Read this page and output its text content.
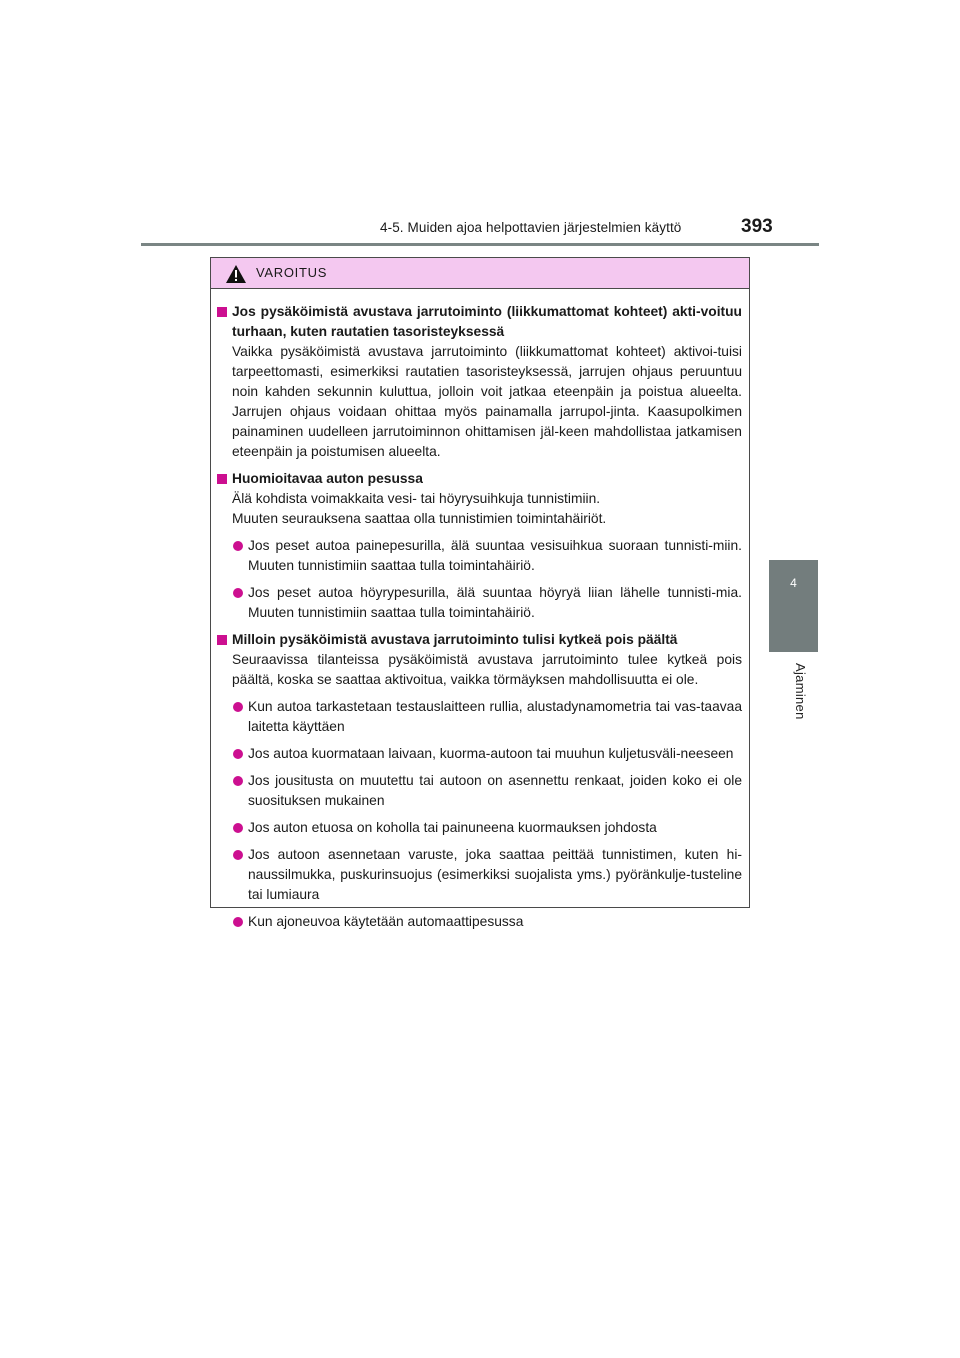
4-5. Muiden ajoa helpottavien järjestelmien käyttö	393
4
Ajaminen
VAROITUS
Jos pysäköimistä avustava jarrutoiminto (liikkumattomat kohteet) akti-voituu turhaan, kuten rautatien tasoristeyksessä
Vaikka pysäköimistä avustava jarrutoiminto (liikkumattomat kohteet) aktivoi-tuisi tarpeettomasti, esimerkiksi rautatien tasoristeyksessä, jarrujen ohjaus peruuntuu noin kahden sekunnin kuluttua, jolloin voit jatkaa eteenpäin ja poistua alueelta. Jarrujen ohjaus voidaan ohittaa myös painamalla jarrupol-jinta. Kaasupolkimen painaminen uudelleen jarrutoiminnon ohittamisen jäl-keen mahdollistaa jatkamisen eteenpäin ja poistumisen alueelta.
Huomioitavaa auton pesussa
Älä kohdista voimakkaita vesi- tai höyrysuihkuja tunnistimiin.
Muuten seurauksena saattaa olla tunnistimien toimintahäiriöt.
Jos peset autoa painepesurilla, älä suuntaa vesisuihkua suoraan tunnisti-miin. Muuten tunnistimiin saattaa tulla toimintahäiriö.
Jos peset autoa höyrypesurilla, älä suuntaa höyryä liian lähelle tunnisti-mia. Muuten tunnistimiin saattaa tulla toimintahäiriö.
Milloin pysäköimistä avustava jarrutoiminto tulisi kytkeä pois päältä
Seuraavissa tilanteissa pysäköimistä avustava jarrutoiminto tulee kytkeä pois päältä, koska se saattaa aktivoitua, vaikka törmäyksen mahdollisuutta ei ole.
Kun autoa tarkastetaan testauslaitteen rullia, alustadynamometria tai vas-taavaa laitetta käyttäen
Jos autoa kuormataan laivaan, kuorma-autoon tai muuhun kuljetusväli-neeseen
Jos jousitusta on muutettu tai autoon on asennettu renkaat, joiden koko ei ole suosituksen mukainen
Jos auton etuosa on koholla tai painuneena kuormauksen johdosta
Jos autoon asennetaan varuste, joka saattaa peittää tunnistimen, kuten hi-naussilmukka, puskurinsuojus (esimerkiksi suojalista yms.) pyöränkulje-tusteline tai lumiaura
Kun ajoneuvoa käytetään automaattipesussa
